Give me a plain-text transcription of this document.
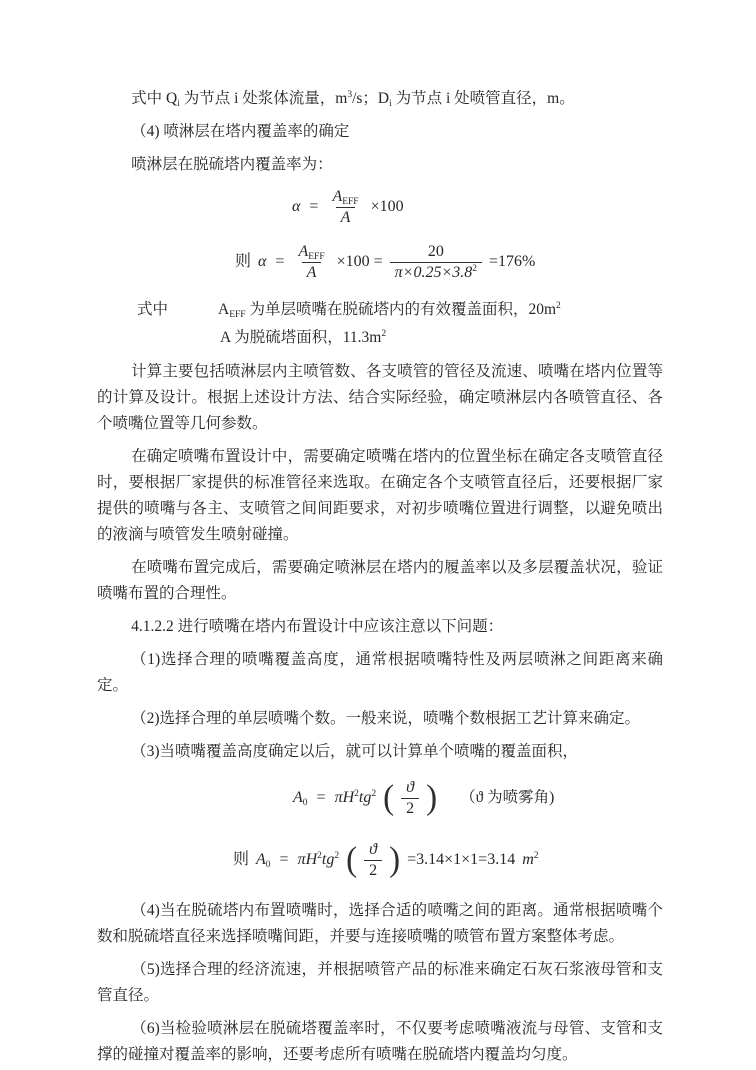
式中 $Q_i$ 为节点 i 处浆体流量，$m^3/s$；$D_i$ 为节点 i 处喷管直径，m。

（4) 喷淋层在塔内覆盖率的确定

喷淋层在脱硫塔内覆盖率为：

$\alpha = \frac{A_{EFF}}{A} \times 100$
则 $\alpha = \frac{A_{EFF}}{A} \times 100 = \frac{20}{\pi\times 0.25\times 3.8^2} =176\%$

式中	$A_{EFF}$ 为单层喷嘴在脱硫塔内的有效覆盖面积，$20m^2$

A 为脱硫塔面积，$11.3m^2$

计算主要包括喷淋层内主喷管数、各支喷管的管径及流速、喷嘴在塔内位置等的计算及设计。根据上述设计方法、结合实际经验，确定喷淋层内各喷管直径、各个喷嘴位置等几何参数。

在确定喷嘴布置设计中，需要确定喷嘴在塔内的位置坐标在确定各支喷管直径时，要根据厂家提供的标准管径来选取。在确定各个支喷管直径后，还要根据厂家提供的喷嘴与各主、支喷管之间间距要求，对初步喷嘴位置进行调整，以避免喷出的液滴与喷管发生喷射碰撞。

在喷嘴布置完成后，需要确定喷淋层在塔内的履盖率以及多层覆盖状况，验证喷嘴布置的合理性。

4.1.2.2 进行喷嘴在塔内布置设计中应该注意以下问题：

（1)选择合理的喷嘴覆盖高度，通常根据喷嘴特性及两层喷淋之间距离来确定。

（2)选择合理的单层喷嘴个数。一般来说，喷嘴个数根据工艺计算来确定。

（3)当喷嘴覆盖高度确定以后，就可以计算单个喷嘴的覆盖面积，

$A_0 = \pi H^2tg^2$ ( $\frac{ϑ}{2}$ ) （ϑ 为喷雾角)
则 $A_0 = \pi H^2tg^2$ ( $\frac{ϑ}{2}$ ) =3.14×1×1=3.14 $m^2$

（4)当在脱硫塔内布置喷嘴时，选择合适的喷嘴之间的距离。通常根据喷嘴个数和脱硫塔直径来选择喷嘴间距，并要与连接喷嘴的喷管布置方案整体考虑。

（5)选择合理的经济流速，并根据喷管产品的标准来确定石灰石浆液母管和支管直径。

（6)当检验喷淋层在脱硫塔覆盖率时，不仅要考虑喷嘴液流与母管、支管和支撑的碰撞对覆盖率的影响，还要考虑所有喷嘴在脱硫塔内覆盖均匀度。
